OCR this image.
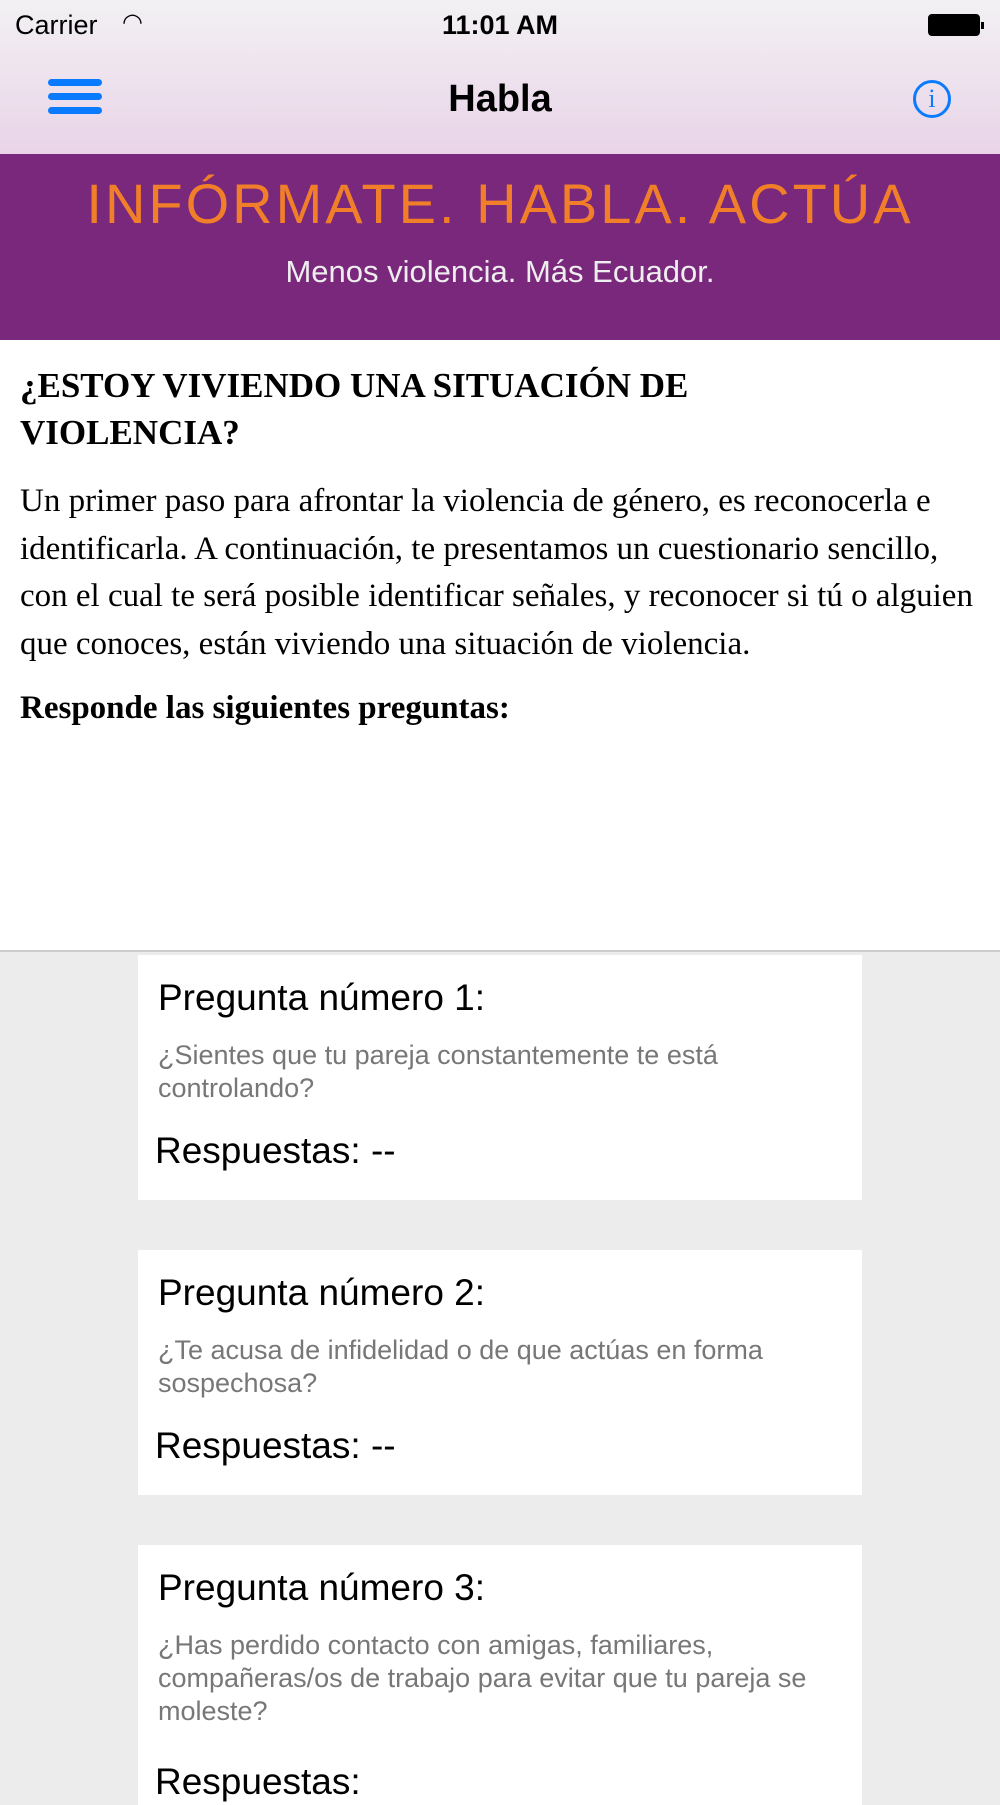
Carrier ◠	11:01 AM
Habla	i
INFÓRMATE. HABLA. ACTÚA
Menos violencia. Más Ecuador.
¿ESTOY VIVIENDO UNA SITUACIÓN DE VIOLENCIA?

Un primer paso para afrontar la violencia de género, es reconocerla e identificarla. A continuación, te presentamos un cuestionario sencillo, con el cual te será posible identificar señales, y reconocer si tú o alguien que conoces, están viviendo una situación de violencia.

Responde las siguientes preguntas:
Pregunta número 1:
¿Sientes que tu pareja constantemente te está controlando?
Respuestas: --
Pregunta número 2:
¿Te acusa de infidelidad o de que actúas en forma sospechosa?
Respuestas: --
Pregunta número 3:
¿Has perdido contacto con amigas, familiares, compañeras/os de trabajo para evitar que tu pareja se moleste?
Respuestas:
